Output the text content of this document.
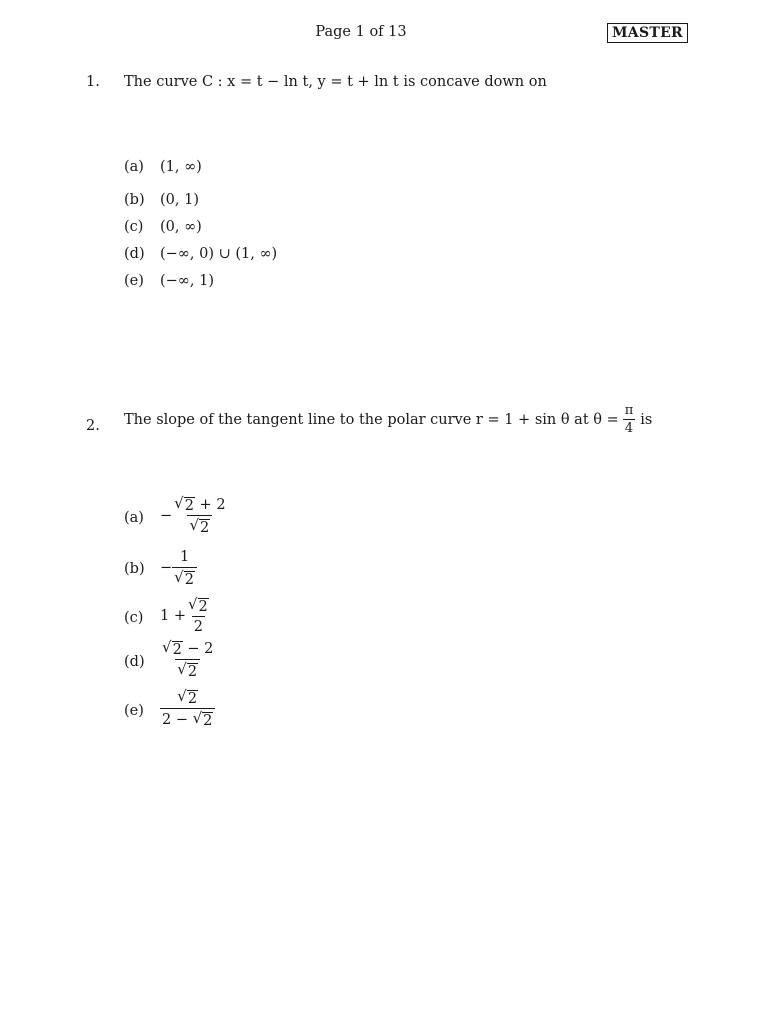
Page 1 of 13	MASTER
1. The curve C : x = t − ln t, y = t + ln t is concave down on
(a) (1, ∞)
(b) (0, 1)
(c) (0, ∞)
(d) (−∞, 0) ∪ (1, ∞)
(e) (−∞, 1)
2. The slope of the tangent line to the polar curve r = 1 + sin θ at $\theta = \frac{\pi}{4}$ is
$(a) - \frac{√ 2 + 2}{√ 2}$
$(b) - \frac{1}{√ 2}$
(c) $1 + \frac{√ 2}{2}$
$(d) \frac{√ 2 - 2}{√ 2}$
$(e) \frac{√ 2}{2 - √ 2}$
